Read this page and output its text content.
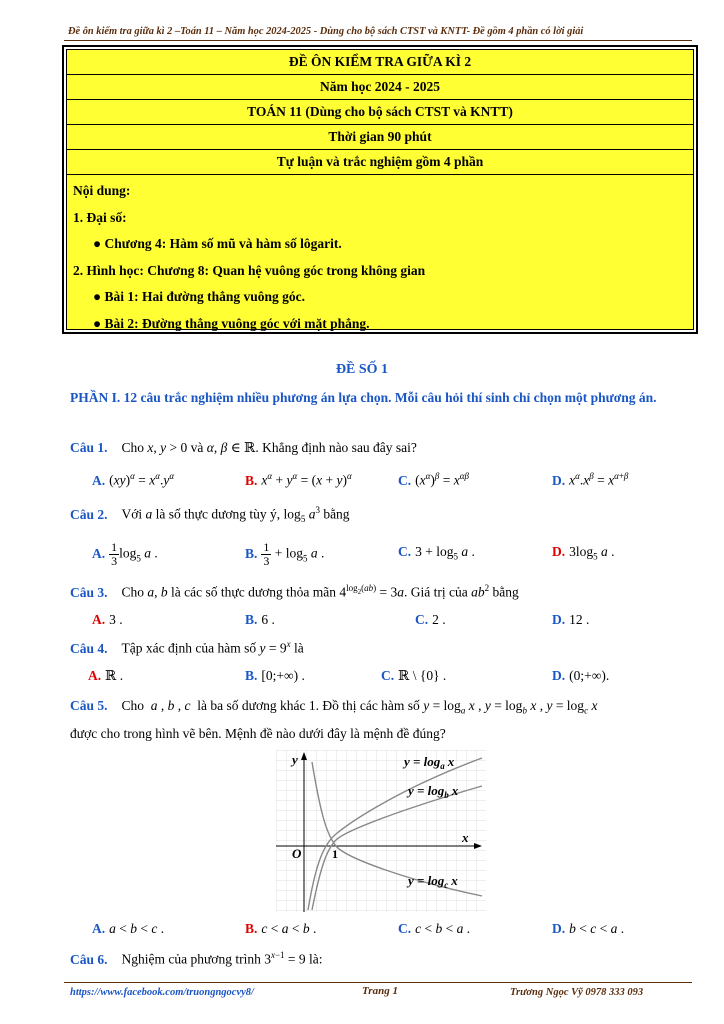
Đề ôn kiểm tra giữa kì 2 –Toán 11 – Năm học 2024-2025 - Dùng cho bộ sách CTST và KNTT- Đề gồm 4 phần có lời giải
ĐỀ ÔN KIỂM TRA GIỮA KÌ 2
Năm học 2024 - 2025
TOÁN 11 (Dùng cho bộ sách CTST và KNTT)
Thời gian 90 phút
Tự luận và trắc nghiệm gồm 4 phần
Nội dung:
1. Đại số:
● Chương 4: Hàm số mũ và hàm số lôgarit.
2. Hình học: Chương 8: Quan hệ vuông góc trong không gian
● Bài 1: Hai đường thẳng vuông góc.
● Bài 2: Đường thẳng vuông góc với mặt phẳng.
ĐỀ SỐ 1
PHẦN I. 12 câu trắc nghiệm nhiều phương án lựa chọn. Mỗi câu hỏi thí sinh chỉ chọn một phương án.
Câu 1. Cho x, y > 0 và α, β ∈ ℝ. Khẳng định nào sau đây sai?
A. $(xy)^\alpha = x^\alpha.y^\alpha$	B. $x^\alpha + y^\alpha = (x + y)^\alpha$	C. $(x^\alpha)^\beta = x^{\alpha\beta}$	D. $x^\alpha.x^\beta = x^{\alpha+\beta}$
Câu 2. Với a là số thực dương tùy ý, $\log_5 a^3$ bằng
A. $\frac{1}{3} \log_5 a$ .	B. $\frac{1}{3} + \log_5 a$ .	C. $3 + \log_5 a$ .	D. $3\log_5$ a .
Câu 3. Cho a, b là các số thực dương thỏa mãn $4^{log_2(ab)} = 3a$. Giá trị của $ab^2$ bằng
A. 3 .	B. 6 .	C. 2 .	D. 12 .
Câu 4. Tập xác định của hàm số $y = 9^x$ là
A. ℝ .	B. [0;+∞) .	C. ℝ \ {0} .	D. (0;+∞).
Câu 5. Cho a , b , c là ba số dương khác 1. Đồ thị các hàm số $y = \log_a x$ , $y = \log_b x$ , $y = \log_c x$
được cho trong hình vẽ bên. Mệnh đề nào dưới đây là mệnh đề đúng?
y
x
O	1
$y = \log_a x$
$y = \log_b x$
$y = \log_c x$
A. a < b < c .	B. c < a < b .	C. c < b < a .	D. b < c < a .
Câu 6. Nghiệm của phương trình $3^{x-1} = 9$ là:
https://www.facebook.com/truongngocvy8/	Trang 1	Trương Ngọc Vỹ 0978 333 093
